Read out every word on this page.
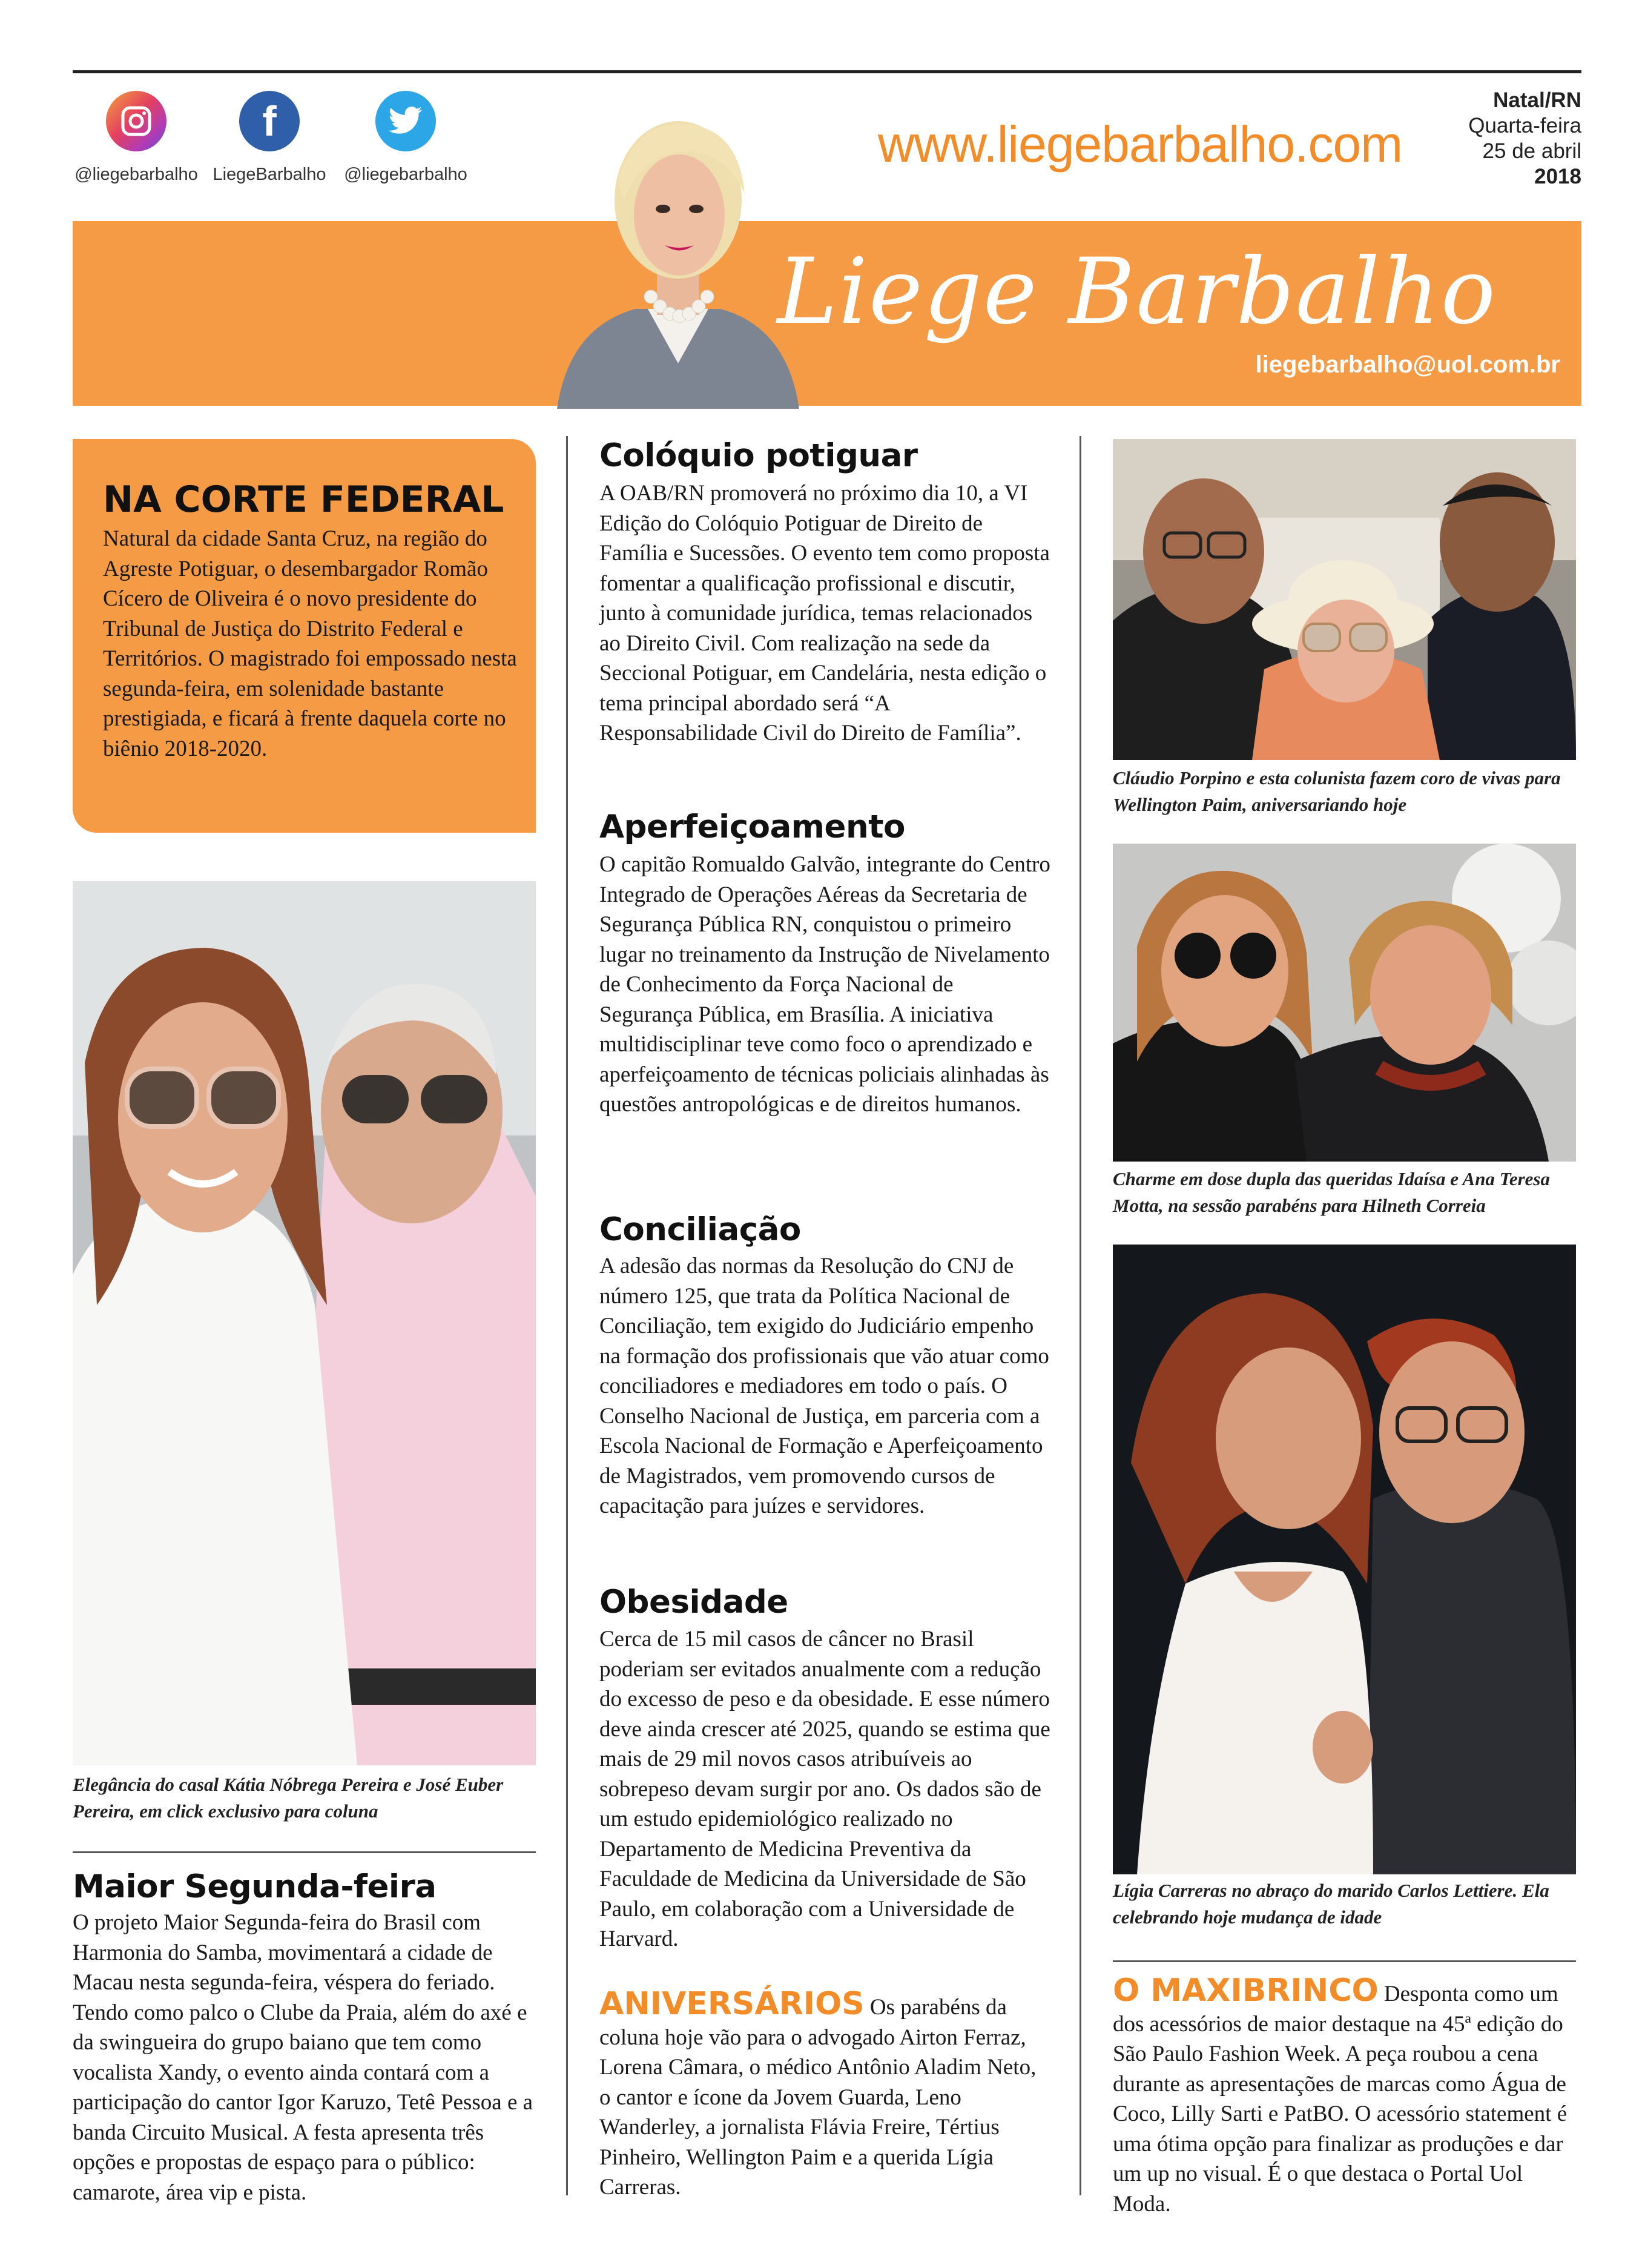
@liegebarbalho
f
LiegeBarbalho	@liegebarbalho
www.liegebarbalho.com
Natal/RN
Quarta-feira
25 de abril
2018
Liege Barbalho
liegebarbalho@uol.com.br
NA CORTE FEDERAL
Natural da cidade Santa Cruz, na região do Agreste Potiguar, o desembargador Romão Cícero de Oliveira é o novo presidente do Tribunal de Justiça do Distrito Federal e Territórios. O magistrado foi empossado nesta segunda-feira, em solenidade bastante prestigiada, e ficará à frente daquela corte no biênio 2018-2020.
Elegância do casal Kátia Nóbrega Pereira e José Euber Pereira, em click exclusivo para coluna
Maior Segunda-feira
O projeto Maior Segunda-feira do Brasil com Harmonia do Samba, movimentará a cidade de Macau nesta segunda-feira, véspera do feriado. Tendo como palco o Clube da Praia, além do axé e da swingueira do grupo baiano que tem como vocalista Xandy, o evento ainda contará com a participação do cantor Igor Karuzo, Tetê Pessoa e a banda Circuito Musical. A festa apresenta três opções e propostas de espaço para o público: camarote, área vip e pista.
Colóquio potiguar
A OAB/RN promoverá no próximo dia 10, a VI Edição do Colóquio Potiguar de Direito de Família e Sucessões. O evento tem como proposta fomentar a qualificação profissional e discutir, junto à comunidade jurídica, temas relacionados ao Direito Civil. Com realização na sede da Seccional Potiguar, em Candelária, nesta edição o tema principal abordado será “A Responsabilidade Civil do Direito de Família”.
Aperfeiçoamento
O capitão Romualdo Galvão, integrante do Centro Integrado de Operações Aéreas da Secretaria de Segurança Pública RN, conquistou o primeiro lugar no treinamento da Instrução de Nivelamento de Conhecimento da Força Nacional de Segurança Pública, em Brasília. A iniciativa multidisciplinar teve como foco o aprendizado e aperfeiçoamento de técnicas policiais alinhadas às questões antropológicas e de direitos humanos.
Conciliação
A adesão das normas da Resolução do CNJ de número 125, que trata da Política Nacional de Conciliação, tem exigido do Judiciário empenho na formação dos profissionais que vão atuar como conciliadores e mediadores em todo o país. O Conselho Nacional de Justiça, em parceria com a Escola Nacional de Formação e Aperfeiçoamento de Magistrados, vem promovendo cursos de capacitação para juízes e servidores.
Obesidade
Cerca de 15 mil casos de câncer no Brasil poderiam ser evitados anualmente com a redução do excesso de peso e da obesidade. E esse número deve ainda crescer até 2025, quando se estima que mais de 29 mil novos casos atribuíveis ao sobrepeso devam surgir por ano. Os dados são de um estudo epidemiológico realizado no Departamento de Medicina Preventiva da Faculdade de Medicina da Universidade de São Paulo, em colaboração com a Universidade de Harvard.
ANIVERSÁRIOS Os parabéns da coluna hoje vão para o advogado Airton Ferraz, Lorena Câmara, o médico Antônio Aladim Neto, o cantor e ícone da Jovem Guarda, Leno Wanderley, a jornalista Flávia Freire, Tértius Pinheiro, Wellington Paim e a querida Lígia Carreras.
Cláudio Porpino e esta colunista fazem coro de vivas para Wellington Paim, aniversariando hoje
Charme em dose dupla das queridas Idaísa e Ana Teresa Motta, na sessão parabéns para Hilneth Correia
Lígia Carreras no abraço do marido Carlos Lettiere. Ela celebrando hoje mudança de idade
O MAXIBRINCO Desponta como um dos acessórios de maior destaque na 45ª edição do São Paulo Fashion Week. A peça roubou a cena durante as apresentações de marcas como Água de Coco, Lilly Sarti e PatBO. O acessório statement é uma ótima opção para finalizar as produções e dar um up no visual. É o que destaca o Portal Uol Moda.
